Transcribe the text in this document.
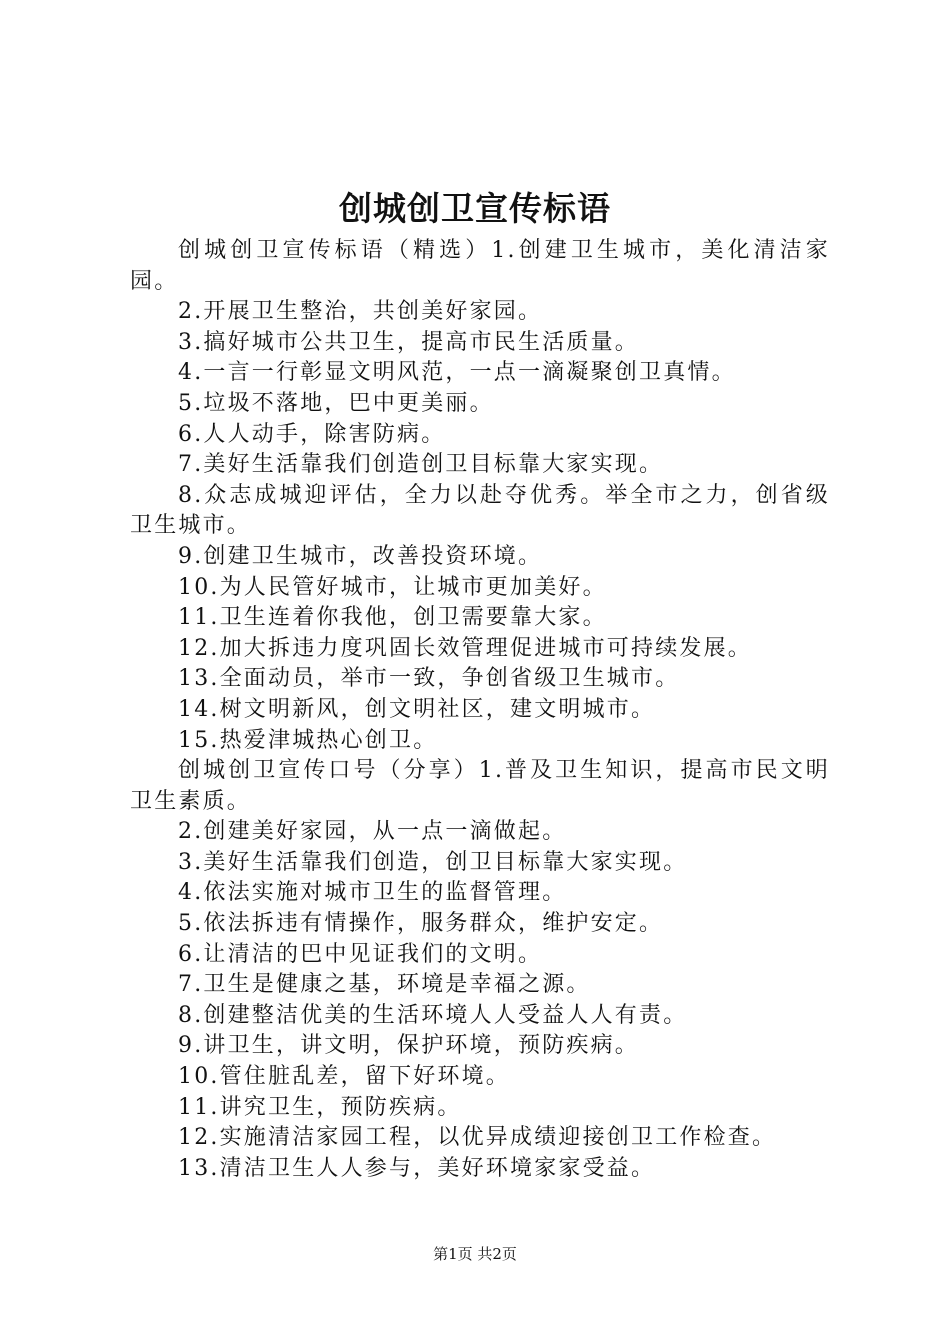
创城创卫宣传标语

创城创卫宣传标语（精选）1.创建卫生城市，美化清洁家园。

2.开展卫生整治，共创美好家园。

3.搞好城市公共卫生，提高市民生活质量。

4.一言一行彰显文明风范，一点一滴凝聚创卫真情。

5.垃圾不落地，巴中更美丽。

6.人人动手，除害防病。

7.美好生活靠我们创造创卫目标靠大家实现。

8.众志成城迎评估，全力以赴夺优秀。举全市之力，创省级卫生城市。

9.创建卫生城市，改善投资环境。

10.为人民管好城市，让城市更加美好。

11.卫生连着你我他，创卫需要靠大家。

12.加大拆违力度巩固长效管理促进城市可持续发展。

13.全面动员，举市一致，争创省级卫生城市。

14.树文明新风，创文明社区，建文明城市。

15.热爱津城热心创卫。

创城创卫宣传口号（分享）1.普及卫生知识，提高市民文明卫生素质。

2.创建美好家园，从一点一滴做起。

3.美好生活靠我们创造，创卫目标靠大家实现。

4.依法实施对城市卫生的监督管理。

5.依法拆违有情操作，服务群众，维护安定。

6.让清洁的巴中见证我们的文明。

7.卫生是健康之基，环境是幸福之源。

8.创建整洁优美的生活环境人人受益人人有责。

9.讲卫生，讲文明，保护环境，预防疾病。

10.管住脏乱差，留下好环境。

11.讲究卫生，预防疾病。

12.实施清洁家园工程，以优异成绩迎接创卫工作检查。

13.清洁卫生人人参与，美好环境家家受益。

第1页 共2页
